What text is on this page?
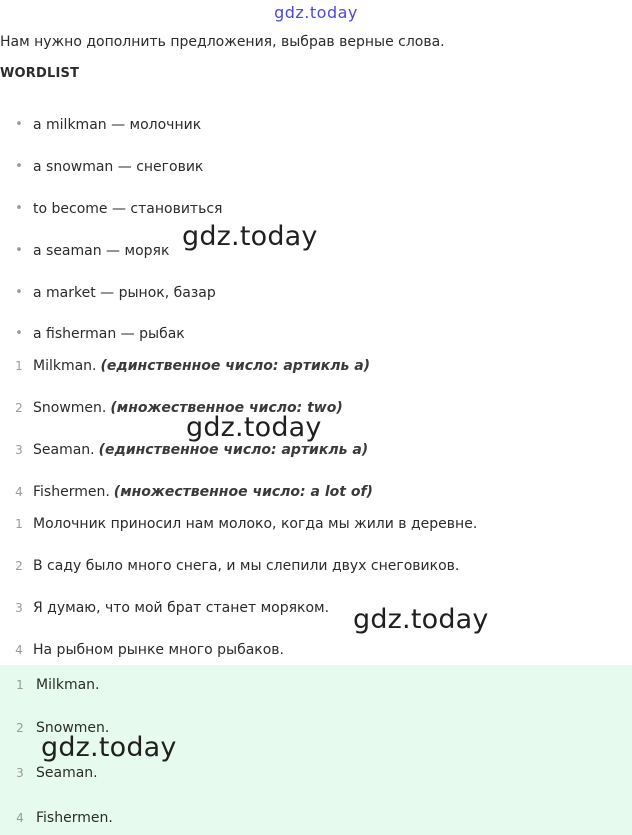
gdz.today
Нам нужно дополнить предложения, выбрав верные слова.
WORDLIST
• a milkman — молочник
• a snowman — снеговик
• to become — становиться
• a seaman — моряк
• a market — рынок, базар
• a fisherman — рыбак
1 Milkman. (единственное число: артикль a)
2 Snowmen. (множественное число: two)
3 Seaman. (единственное число: артикль a)
4 Fishermen. (множественное число: a lot of)
1 Молочник приносил нам молоко, когда мы жили в деревне.
2 В саду было много снега, и мы слепили двух снеговиков.
3 Я думаю, что мой брат станет моряком.
4 На рыбном рынке много рыбаков.
1 Milkman.
2 Snowmen.
3 Seaman.
4 Fishermen.
gdz.today
gdz.today
gdz.today
gdz.today
